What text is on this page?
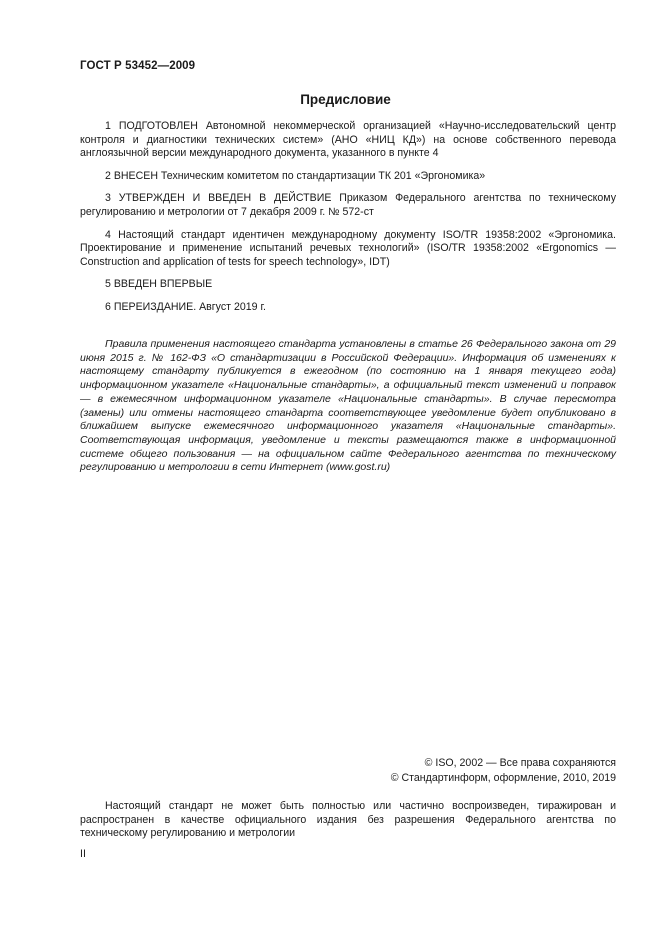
ГОСТ Р 53452—2009
Предисловие

1 ПОДГОТОВЛЕН Автономной некоммерческой организацией «Научно-исследовательский центр контроля и диагностики технических систем» (АНО «НИЦ КД») на основе собственного перевода англоязычной версии международного документа, указанного в пункте 4

2 ВНЕСЕН Техническим комитетом по стандартизации ТК 201 «Эргономика»

3 УТВЕРЖДЕН И ВВЕДЕН В ДЕЙСТВИЕ Приказом Федерального агентства по техническому регулированию и метрологии от 7 декабря 2009 г. № 572-ст

4 Настоящий стандарт идентичен международному документу ISO/TR 19358:2002 «Эргономика. Проектирование и применение испытаний речевых технологий» (ISO/TR 19358:2002 «Ergonomics — Construction and application of tests for speech technology», IDT)

5 ВВЕДЕН ВПЕРВЫЕ

6 ПЕРЕИЗДАНИЕ. Август 2019 г.

Правила применения настоящего стандарта установлены в статье 26 Федерального закона от 29 июня 2015 г. № 162-ФЗ «О стандартизации в Российской Федерации». Информация об изменениях к настоящему стандарту публикуется в ежегодном (по состоянию на 1 января текущего года) информационном указателе «Национальные стандарты», а официальный текст изменений и поправок — в ежемесячном информационном указателе «Национальные стандарты». В случае пересмотра (замены) или отмены настоящего стандарта соответствующее уведомление будет опубликовано в ближайшем выпуске ежемесячного информационного указателя «Национальные стандарты». Соответствующая информация, уведомление и тексты размещаются также в информационной системе общего пользования — на официальном сайте Федерального агентства по техническому регулированию и метрологии в сети Интернет (www.gost.ru)

© ISO, 2002 — Все права сохраняются
© Стандартинформ, оформление, 2010, 2019

Настоящий стандарт не может быть полностью или частично воспроизведен, тиражирован и распространен в качестве официального издания без разрешения Федерального агентства по техническому регулированию и метрологии

II
